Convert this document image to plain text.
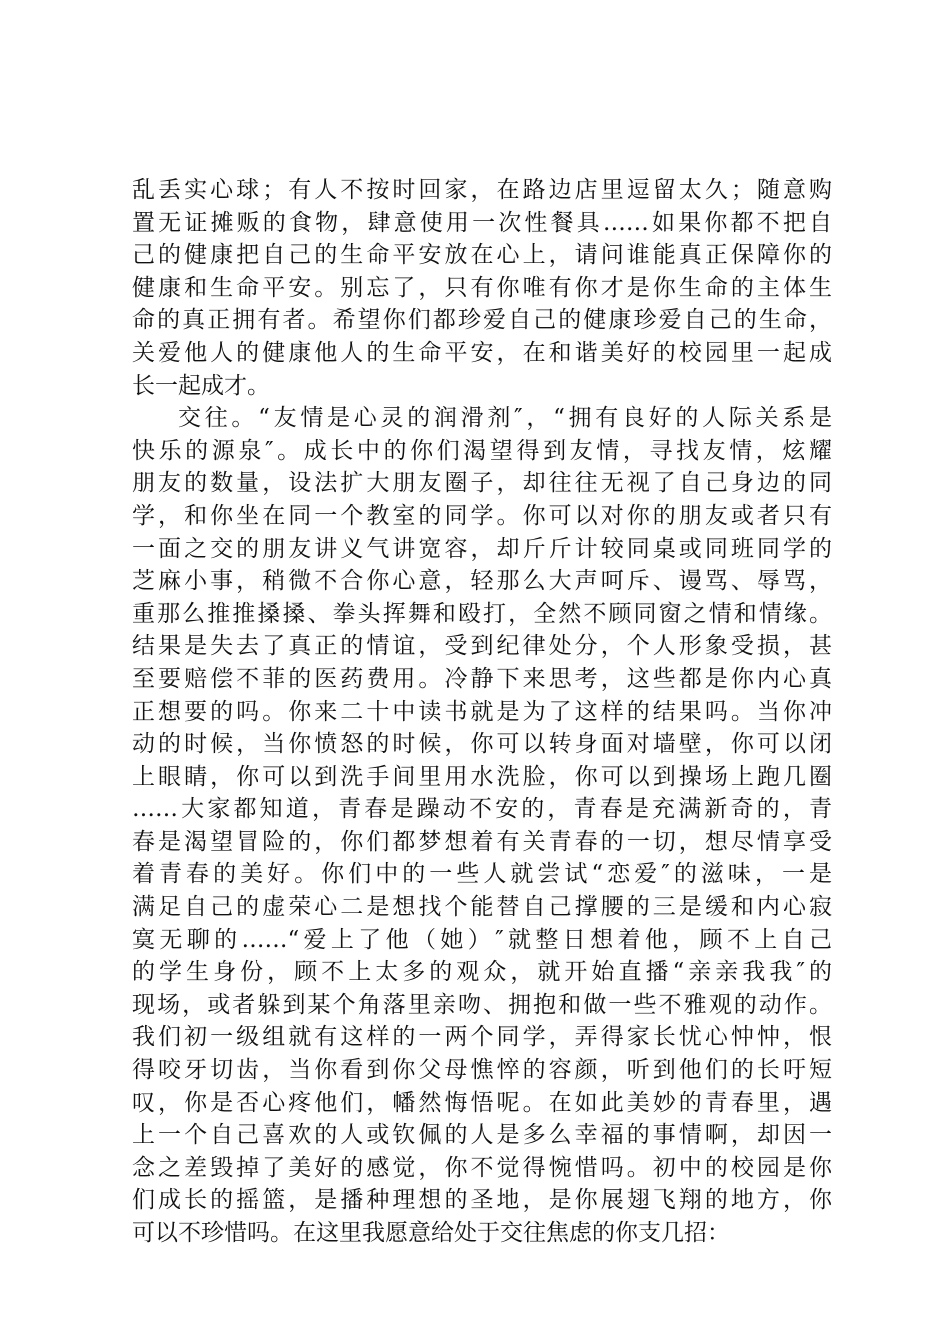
乱丢实心球；有人不按时回家，在路边店里逗留太久；随意购
置无证摊贩的食物，肆意使用一次性餐具……如果你都不把自
己的健康把自己的生命平安放在心上，请问谁能真正保障你的
健康和生命平安。别忘了，只有你唯有你才是你生命的主体生
命的真正拥有者。希望你们都珍爱自己的健康珍爱自己的生命，
关爱他人的健康他人的生命平安，在和谐美好的校园里一起成
长一起成才。
交往。“友情是心灵的润滑剂″，“拥有良好的人际关系是
快乐的源泉″。成长中的你们渴望得到友情，寻找友情，炫耀
朋友的数量，设法扩大朋友圈子，却往往无视了自己身边的同
学，和你坐在同一个教室的同学。你可以对你的朋友或者只有
一面之交的朋友讲义气讲宽容，却斤斤计较同桌或同班同学的
芝麻小事，稍微不合你心意，轻那么大声呵斥、谩骂、辱骂，
重那么推推搡搡、拳头挥舞和殴打，全然不顾同窗之情和情缘。
结果是失去了真正的情谊，受到纪律处分，个人形象受损，甚
至要赔偿不菲的医药费用。冷静下来思考，这些都是你内心真
正想要的吗。你来二十中读书就是为了这样的结果吗。当你冲
动的时候，当你愤怒的时候，你可以转身面对墙壁，你可以闭
上眼睛，你可以到洗手间里用水洗脸，你可以到操场上跑几圈
……大家都知道，青春是躁动不安的，青春是充满新奇的，青
春是渴望冒险的，你们都梦想着有关青春的一切，想尽情享受
着青春的美好。你们中的一些人就尝试“恋爱″的滋味，一是
满足自己的虚荣心二是想找个能替自己撑腰的三是缓和内心寂
寞无聊的……“爱上了他（她）″就整日想着他，顾不上自己
的学生身份，顾不上太多的观众，就开始直播“亲亲我我″的
现场，或者躲到某个角落里亲吻、拥抱和做一些不雅观的动作。
我们初一级组就有这样的一两个同学，弄得家长忧心忡忡，恨
得咬牙切齿，当你看到你父母憔悴的容颜，听到他们的长吁短
叹，你是否心疼他们，幡然悔悟呢。在如此美妙的青春里，遇
上一个自己喜欢的人或钦佩的人是多么幸福的事情啊，却因一
念之差毁掉了美好的感觉，你不觉得惋惜吗。初中的校园是你
们成长的摇篮，是播种理想的圣地，是你展翅飞翔的地方，你
可以不珍惜吗。在这里我愿意给处于交往焦虑的你支几招：
